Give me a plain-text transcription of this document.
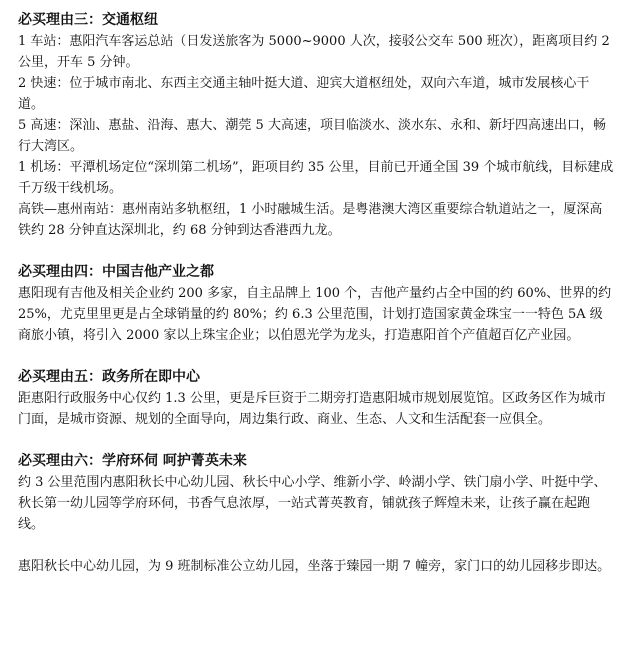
必买理由三：交通枢纽

1 车站：惠阳汽车客运总站（日发送旅客为 5000~9000 人次，接驳公交车 500 班次），距离项目约 2 公里，开车 5 分钟。

2 快速：位于城市南北、东西主交通主轴叶挺大道、迎宾大道枢纽处，双向六车道，城市发展核心干道。

5 高速：深汕、惠盐、沿海、惠大、潮莞 5 大高速，项目临淡水、淡水东、永和、新圩四高速出口，畅行大湾区。

1 机场：平潭机场定位“深圳第二机场”，距项目约 35 公里，目前已开通全国 39 个城市航线，目标建成千万级干线机场。

高铁—惠州南站：惠州南站多轨枢纽，1 小时融城生活。是粤港澳大湾区重要综合轨道站之一，厦深高铁约 28 分钟直达深圳北，约 68 分钟到达香港西九龙。

必买理由四：中国吉他产业之都

惠阳现有吉他及相关企业约 200 多家，自主品牌上 100 个，吉他产量约占全中国的约 60%、世界的约 25%，尤克里里更是占全球销量的约 80%；约 6.3 公里范围，计划打造国家黄金珠宝一一特色 5A 级商旅小镇，将引入 2000 家以上珠宝企业；以伯恩光学为龙头，打造惠阳首个产值超百亿产业园。

必买理由五：政务所在即中心

距惠阳行政服务中心仅约 1.3 公里，更是斥巨资于二期旁打造惠阳城市规划展览馆。区政务区作为城市门面，是城市资源、规划的全面导向，周边集行政、商业、生态、人文和生活配套一应俱全。

必买理由六：学府环伺 呵护菁英未来

约 3 公里范围内惠阳秋长中心幼儿园、秋长中心小学、维新小学、岭湖小学、铁门扇小学、叶挺中学、秋长第一幼儿园等学府环伺，书香气息浓厚，一站式菁英教育，铺就孩子辉煌未来，让孩子赢在起跑线。

惠阳秋长中心幼儿园，为 9 班制标准公立幼儿园，坐落于臻园一期 7 幢旁，家门口的幼儿园移步即达。
